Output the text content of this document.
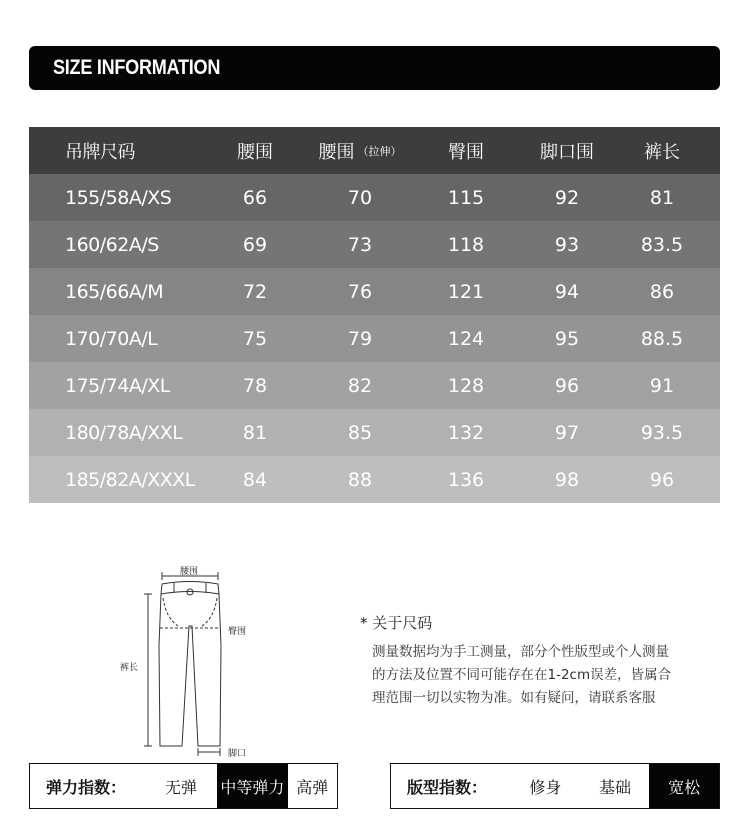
SIZE INFORMATION
吊牌尺码	腰围	腰围 （拉伸）	臀围	脚口围	裤长
155/58A/XS	66	70	115	92	81
160/62A/S	69	73	118	93	83.5
165/66A/M	72	76	121	94	86
170/70A/L	75	79	124	95	88.5
175/74A/XL	78	82	128	96	91
180/78A/XXL	81	85	132	97	93.5
185/82A/XXXL	84	88	136	98	96
腰围
臀围
裤长
脚口
* 关于尺码
测量数据均为手工测量，部分个性版型或个人测量
的方法及位置不同可能存在在1-2cm误差，皆属合
理范围一切以实物为准。如有疑问，请联系客服
弹力指数：	无弹	中等弹力 高弹	版型指数：	修身	基础	宽松
